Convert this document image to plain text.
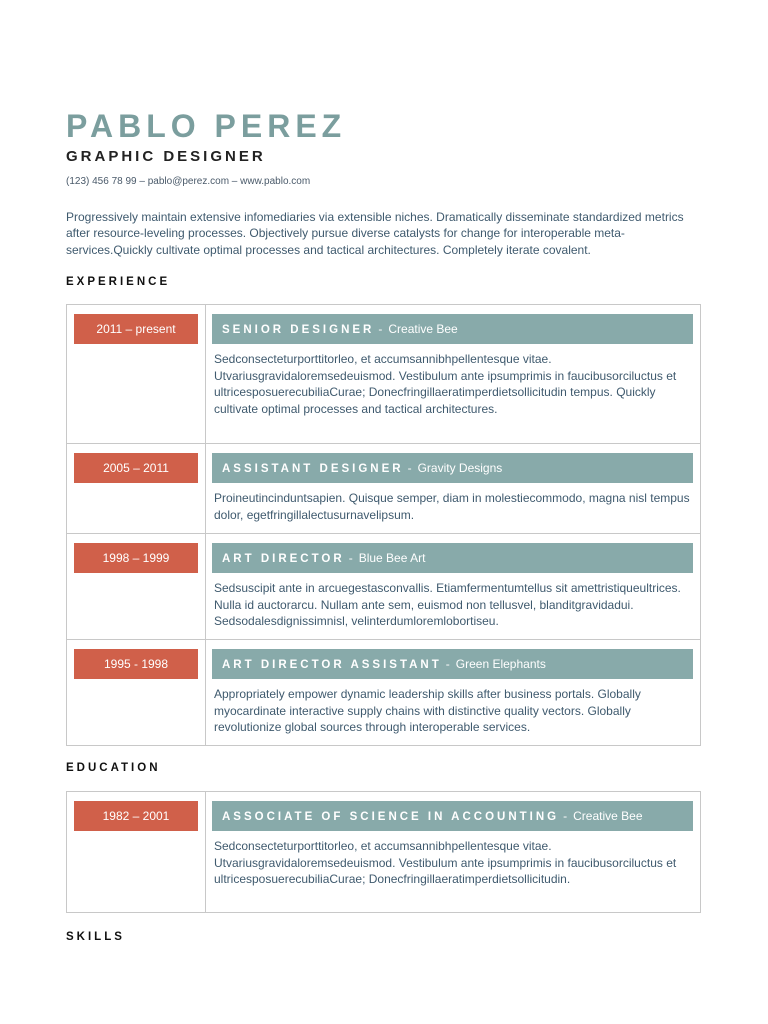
PABLO PEREZ
GRAPHIC DESIGNER
(123) 456 78 99 – pablo@perez.com – www.pablo.com

Progressively maintain extensive infomediaries via extensible niches. Dramatically disseminate standardized metrics after resource-leveling processes. Objectively pursue diverse catalysts for change for interoperable meta-services.Quickly cultivate optimal processes and tactical architectures. Completely iterate covalent.

EXPERIENCE
2011 – present	SENIOR DESIGNER - Creative Bee

Sedconsecteturporttitorleo, et accumsannibhpellentesque vitae. Utvariusgravidaloremsedeuismod. Vestibulum ante ipsumprimis in faucibusorciluctus et ultricesposuerecubiliaCurae; Donecfringillaeratimperdietsollicitudin tempus. Quickly cultivate optimal processes and tactical architectures.

2005 – 2011	ASSISTANT DESIGNER - Gravity Designs

Proineutincinduntsapien. Quisque semper, diam in molestiecommodo, magna nisl tempus dolor, egetfringillalectusurnavelipsum.

1998 – 1999	ART DIRECTOR - Blue Bee Art

Sedsuscipit ante in arcuegestasconvallis. Etiamfermentumtellus sit amettristiqueultrices. Nulla id auctorarcu. Nullam ante sem, euismod non tellusvel, blanditgravidadui. Sedsodalesdignissimnisl, velinterdumloremlobortiseu.

1995 - 1998	ART DIRECTOR ASSISTANT - Green Elephants

Appropriately empower dynamic leadership skills after business portals. Globally myocardinate interactive supply chains with distinctive quality vectors. Globally revolutionize global sources through interoperable services.

EDUCATION
1982 – 2001	ASSOCIATE OF SCIENCE IN ACCOUNTING - Creative Bee

Sedconsecteturporttitorleo, et accumsannibhpellentesque vitae. Utvariusgravidaloremsedeuismod. Vestibulum ante ipsumprimis in faucibusorciluctus et ultricesposuerecubiliaCurae; Donecfringillaeratimperdietsollicitudin.

SKILLS
